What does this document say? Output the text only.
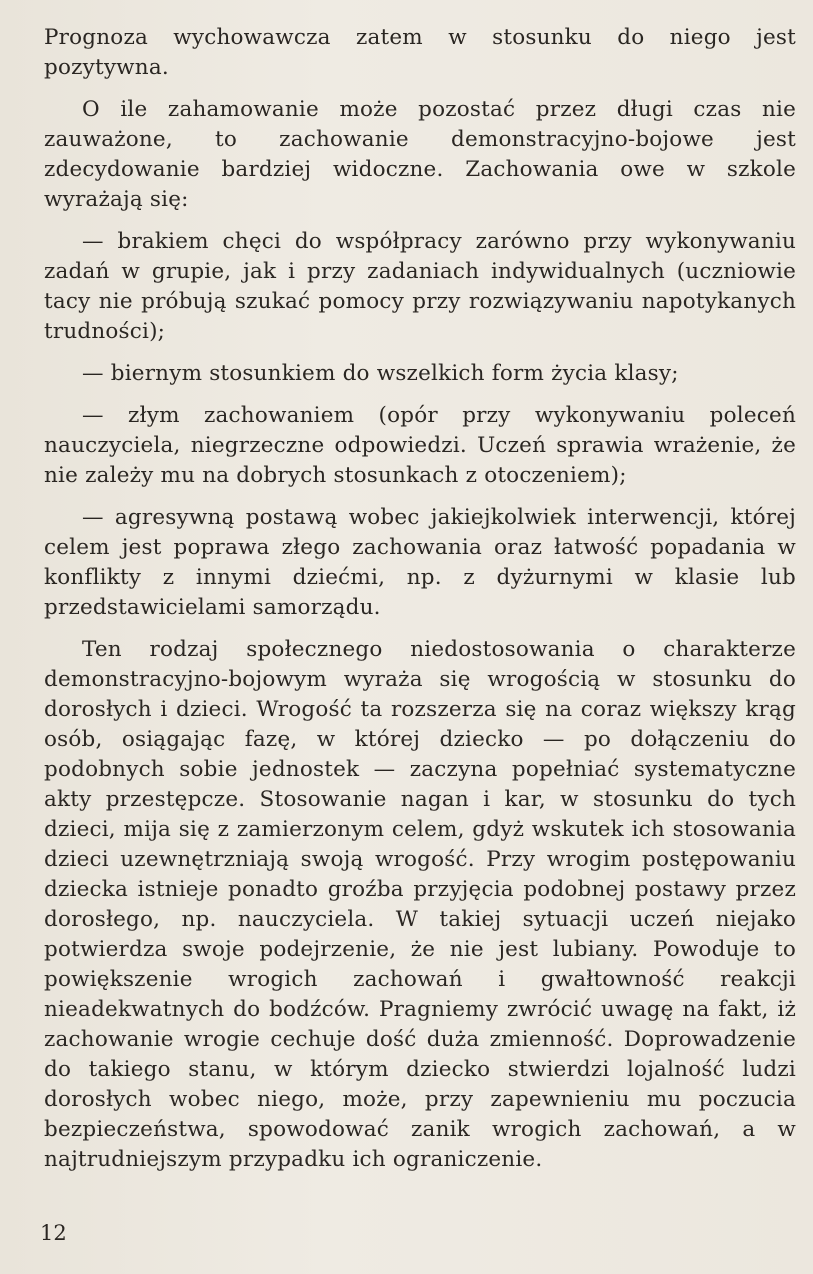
Prognoza wychowawcza zatem w stosunku do niego jest pozytywna.

O ile zahamowanie może pozostać przez długi czas nie zauważone, to zachowanie demonstracyjno-bojowe jest zdecydowanie bardziej widoczne. Zachowania owe w szkole wyrażają się:

— brakiem chęci do współpracy zarówno przy wykonywaniu zadań w grupie, jak i przy zadaniach indywidualnych (uczniowie tacy nie próbują szukać pomocy przy rozwiązywaniu napotykanych trudności);

— biernym stosunkiem do wszelkich form życia klasy;

— złym zachowaniem (opór przy wykonywaniu poleceń nauczyciela, niegrzeczne odpowiedzi. Uczeń sprawia wrażenie, że nie zależy mu na dobrych stosunkach z otoczeniem);

— agresywną postawą wobec jakiejkolwiek interwencji, której celem jest poprawa złego zachowania oraz łatwość popadania w konflikty z innymi dziećmi, np. z dyżurnymi w klasie lub przedstawicielami samorządu.

Ten rodzaj społecznego niedostosowania o charakterze demonstracyjno-bojowym wyraża się wrogością w stosunku do dorosłych i dzieci. Wrogość ta rozszerza się na coraz większy krąg osób, osiągając fazę, w której dziecko — po dołączeniu do podobnych sobie jednostek — zaczyna popełniać systematyczne akty przestępcze. Stosowanie nagan i kar, w stosunku do tych dzieci, mija się z zamierzonym celem, gdyż wskutek ich stosowania dzieci uzewnętrzniają swoją wrogość. Przy wrogim postępowaniu dziecka istnieje ponadto groźba przyjęcia podobnej postawy przez dorosłego, np. nauczyciela. W takiej sytuacji uczeń niejako potwierdza swoje podejrzenie, że nie jest lubiany. Powoduje to powiększenie wrogich zachowań i gwałtowność reakcji nieadekwatnych do bodźców. Pragniemy zwrócić uwagę na fakt, iż zachowanie wrogie cechuje dość duża zmienność. Doprowadzenie do takiego stanu, w którym dziecko stwierdzi lojalność ludzi dorosłych wobec niego, może, przy zapewnieniu mu poczucia bezpieczeństwa, spowodować zanik wrogich zachowań, a w najtrudniejszym przypadku ich ograniczenie.

12
